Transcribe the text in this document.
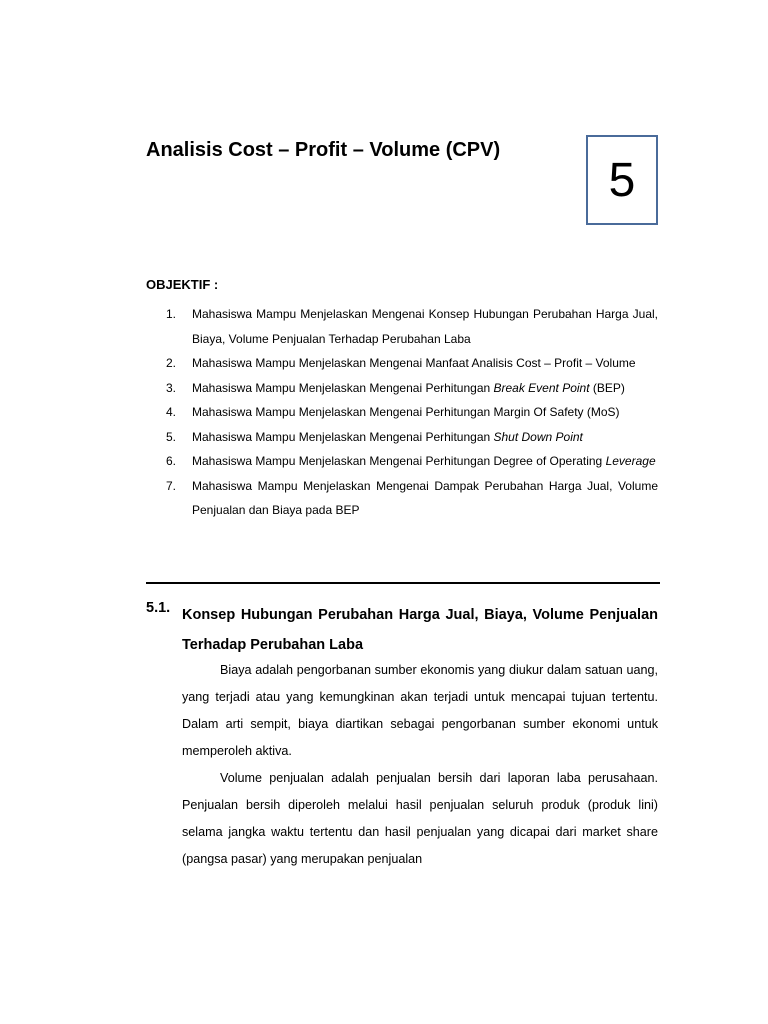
Analisis Cost – Profit – Volume (CPV)
5
OBJEKTIF :
1.	Mahasiswa Mampu Menjelaskan Mengenai Konsep Hubungan Perubahan Harga Jual, Biaya, Volume Penjualan Terhadap Perubahan Laba
2.	Mahasiswa Mampu Menjelaskan Mengenai Manfaat Analisis Cost – Profit – Volume
3.	Mahasiswa Mampu Menjelaskan Mengenai Perhitungan Break Event Point (BEP)
4.	Mahasiswa Mampu Menjelaskan Mengenai Perhitungan Margin Of Safety (MoS)
5.	Mahasiswa Mampu Menjelaskan Mengenai Perhitungan Shut Down Point
6.	Mahasiswa Mampu Menjelaskan Mengenai Perhitungan Degree of Operating Leverage
7.	Mahasiswa Mampu Menjelaskan Mengenai Dampak Perubahan Harga Jual, Volume Penjualan dan Biaya pada BEP
5.1. Konsep Hubungan Perubahan Harga Jual, Biaya, Volume Penjualan Terhadap Perubahan Laba

Biaya adalah pengorbanan sumber ekonomis yang diukur dalam satuan uang, yang terjadi atau yang kemungkinan akan terjadi untuk mencapai tujuan tertentu. Dalam arti sempit, biaya diartikan sebagai pengorbanan sumber ekonomi untuk memperoleh aktiva.

Volume penjualan adalah penjualan bersih dari laporan laba perusahaan. Penjualan bersih diperoleh melalui hasil penjualan seluruh produk (produk lini) selama jangka waktu tertentu dan hasil penjualan yang dicapai dari market share (pangsa pasar) yang merupakan penjualan
